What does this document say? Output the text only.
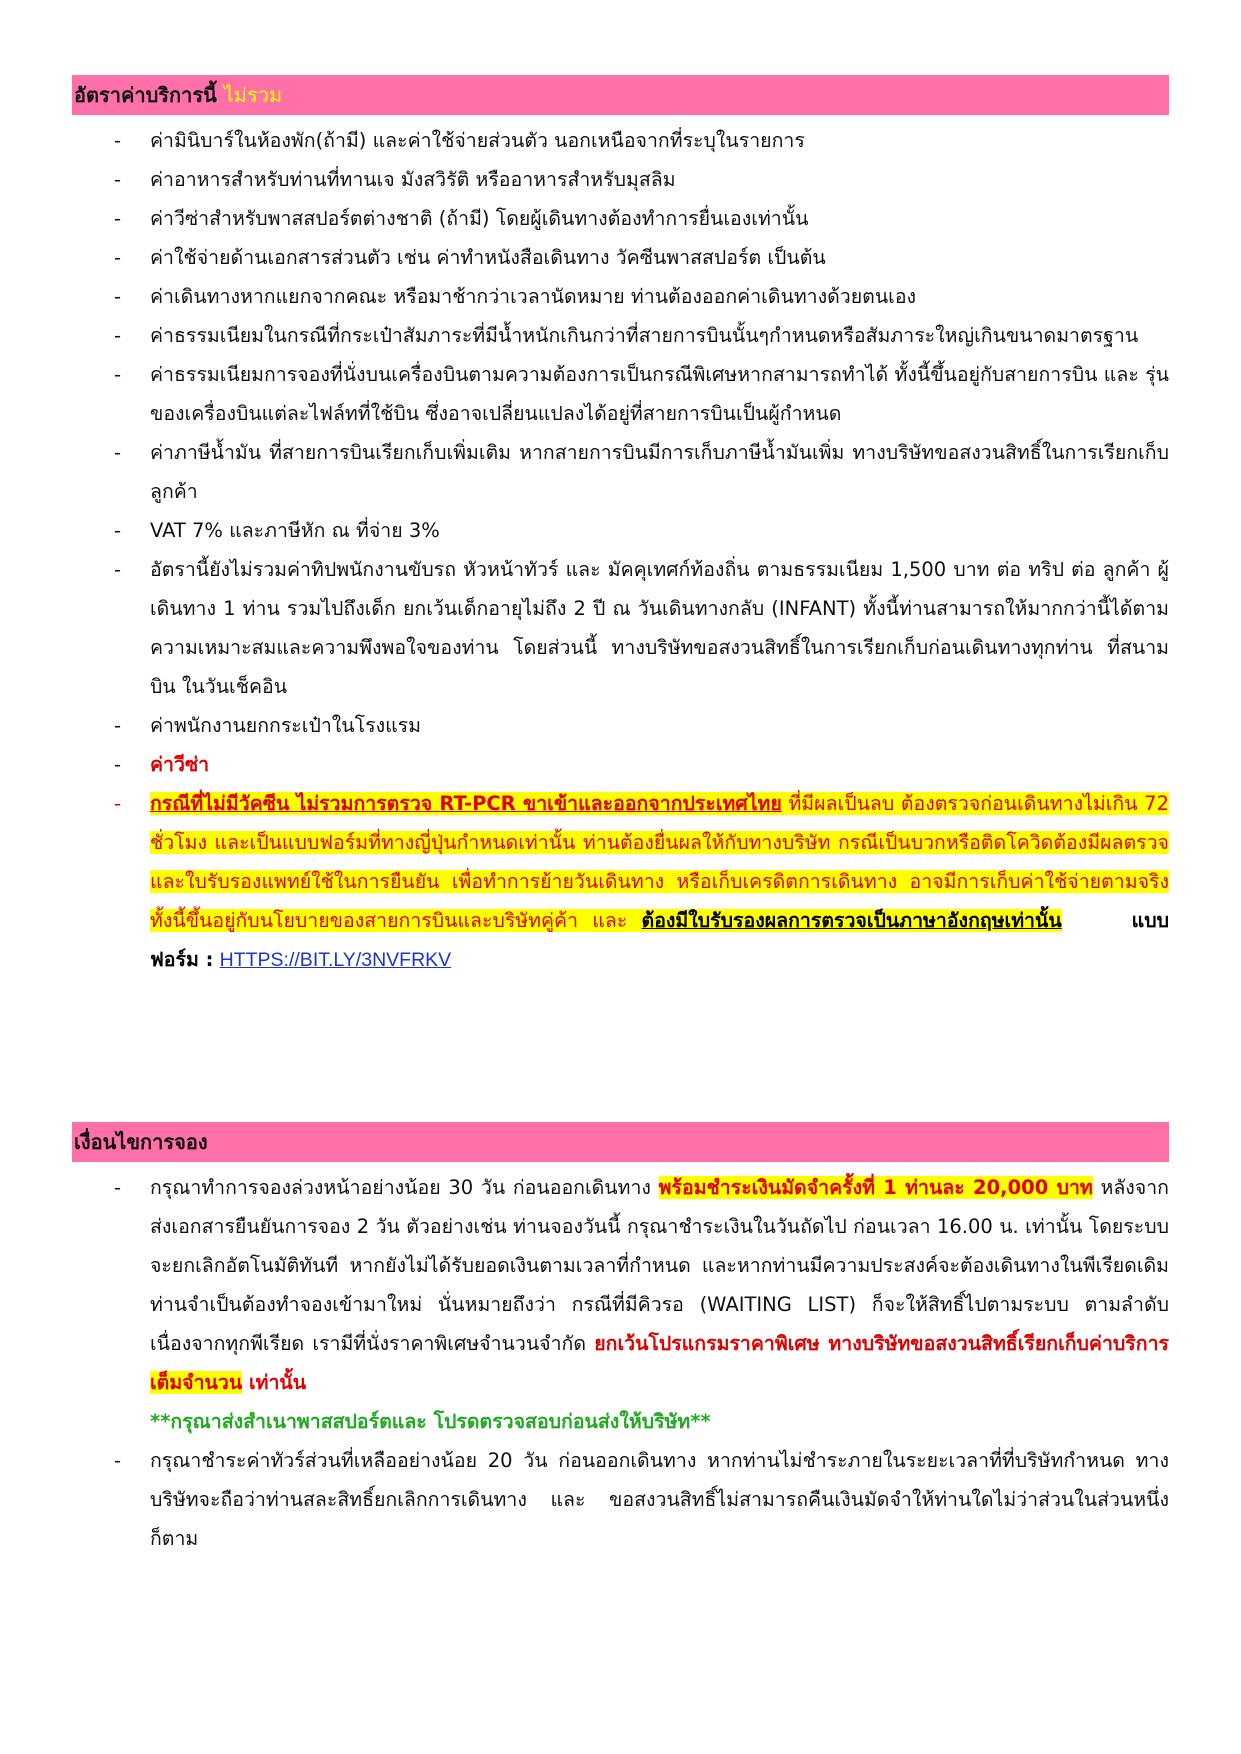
อัตราค่าบริการนี้ ไม่รวม
- ค่ามินิบาร์ในห้องพัก(ถ้ามี) และค่าใช้จ่ายส่วนตัว นอกเหนือจากที่ระบุในรายการ
- ค่าอาหารสำหรับท่านที่ทานเจ มังสวิรัติ หรืออาหารสำหรับมุสลิม
- ค่าวีซ่าสำหรับพาสสปอร์ตต่างชาติ (ถ้ามี) โดยผู้เดินทางต้องทำการยื่นเองเท่านั้น
- ค่าใช้จ่ายด้านเอกสารส่วนตัว เช่น ค่าทำหนังสือเดินทาง วัคซีนพาสสปอร์ต เป็นต้น
- ค่าเดินทางหากแยกจากคณะ หรือมาช้ากว่าเวลานัดหมาย ท่านต้องออกค่าเดินทางด้วยตนเอง
- ค่าธรรมเนียมในกรณีที่กระเป๋าสัมภาระที่มีน้ำหนักเกินกว่าที่สายการบินนั้นๆกำหนดหรือสัมภาระใหญ่เกินขนาดมาตรฐาน
- ค่าธรรมเนียมการจองที่นั่งบนเครื่องบินตามความต้องการเป็นกรณีพิเศษหากสามารถทำได้ ทั้งนี้ขึ้นอยู่กับสายการบิน และ รุ่นของเครื่องบินแต่ละไฟล์ทที่ใช้บิน ซึ่งอาจเปลี่ยนแปลงได้อยู่ที่สายการบินเป็นผู้กำหนด
- ค่าภาษีน้ำมัน ที่สายการบินเรียกเก็บเพิ่มเติม หากสายการบินมีการเก็บภาษีน้ำมันเพิ่ม ทางบริษัทขอสงวนสิทธิ์ในการเรียกเก็บลูกค้า
- VAT 7% และภาษีหัก ณ ที่จ่าย 3%
- อัตรานี้ยังไม่รวมค่าทิปพนักงานขับรถ หัวหน้าทัวร์ และ มัคคุเทศก์ท้องถิ่น ตามธรรมเนียม 1,500 บาท ต่อ ทริป ต่อ ลูกค้า ผู้เดินทาง 1 ท่าน รวมไปถึงเด็ก ยกเว้นเด็กอายุไม่ถึง 2 ปี ณ วันเดินทางกลับ (INFANT) ทั้งนี้ท่านสามารถให้มากกว่านี้ได้ตามความเหมาะสมและความพึงพอใจของท่าน โดยส่วนนี้ ทางบริษัทขอสงวนสิทธิ์ในการเรียกเก็บก่อนเดินทางทุกท่าน ที่สนามบิน ในวันเช็คอิน
- ค่าพนักงานยกกระเป๋าในโรงแรม
- ค่าวีซ่า
- กรณีที่ไม่มีวัคซีน ไม่รวมการตรวจ RT-PCR ขาเข้าและออกจากประเทศไทย ที่มีผลเป็นลบ ต้องตรวจก่อนเดินทางไม่เกิน 72 ชั่วโมง และเป็นแบบฟอร์มที่ทางญี่ปุ่นกำหนดเท่านั้น ท่านต้องยื่นผลให้กับทางบริษัท กรณีเป็นบวกหรือติดโควิดต้องมีผลตรวจและใบรับรองแพทย์ใช้ในการยืนยัน เพื่อทำการย้ายวันเดินทาง หรือเก็บเครดิตการเดินทาง อาจมีการเก็บค่าใช้จ่ายตามจริง ทั้งนี้ขึ้นอยู่กับนโยบายของสายการบินและบริษัทคู่ค้า และ ต้องมีใบรับรองผลการตรวจเป็นภาษาอังกฤษเท่านั้น	แบบฟอร์ม : HTTPS://BIT.LY/3NVFRKV
เงื่อนไขการจอง
- กรุณาทำการจองล่วงหน้าอย่างน้อย 30 วัน ก่อนออกเดินทาง พร้อมชำระเงินมัดจำครั้งที่ 1 ท่านละ 20,000 บาท หลังจากส่งเอกสารยืนยันการจอง 2 วัน ตัวอย่างเช่น ท่านจองวันนี้ กรุณาชำระเงินในวันถัดไป ก่อนเวลา 16.00 น. เท่านั้น โดยระบบจะยกเลิกอัตโนมัติทันที หากยังไม่ได้รับยอดเงินตามเวลาที่กำหนด และหากท่านมีความประสงค์จะต้องเดินทางในพีเรียดเดิม ท่านจำเป็นต้องทำจองเข้ามาใหม่ นั่นหมายถึงว่า กรณีที่มีคิวรอ (WAITING LIST) ก็จะให้สิทธิ์ไปตามระบบ ตามลำดับ เนื่องจากทุกพีเรียด เรามีที่นั่งราคาพิเศษจำนวนจำกัด ยกเว้นโปรแกรมราคาพิเศษ ทางบริษัทขอสงวนสิทธิ์เรียกเก็บค่าบริการ เต็มจำนวน เท่านั้น
**กรุณาส่งสำเนาพาสสปอร์ตและ โปรดตรวจสอบก่อนส่งให้บริษัท**
- กรุณาชำระค่าทัวร์ส่วนที่เหลืออย่างน้อย 20 วัน ก่อนออกเดินทาง หากท่านไม่ชำระภายในระยะเวลาที่ที่บริษัทกำหนด ทางบริษัทจะถือว่าท่านสละสิทธิ์ยกเลิกการเดินทาง และ ขอสงวนสิทธิ์ไม่สามารถคืนเงินมัดจำให้ท่านใดไม่ว่าส่วนในส่วนหนึ่งก็ตาม
